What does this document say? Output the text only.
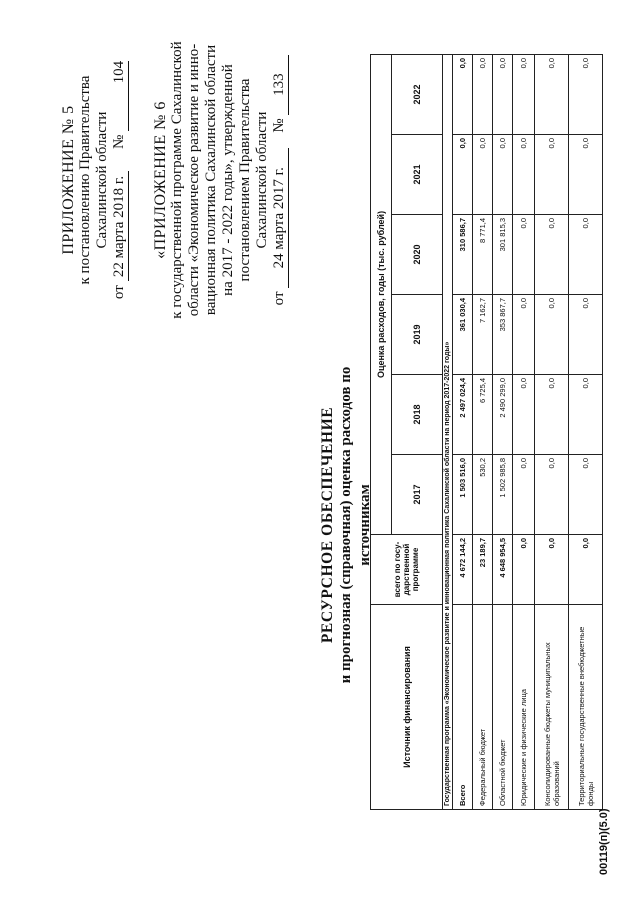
ПРИЛОЖЕНИЕ № 5 к постановлению Правительства Сахалинской области
от 22 марта 2018 г.      № 104
«ПРИЛОЖЕНИЕ № 6 к государственной программе Сахалинской области «Экономическое развитие и инно- вационная политика Сахалинской области на 2017 - 2022 годы», утвержденной постановлением Правительства Сахалинской области
от 24 марта 2017 г.    № 133
РЕСУРСНОЕ ОБЕСПЕЧЕНИЕ и прогнозная (справочная) оценка расходов по источникам
Источник финансирования	всего по госу-дарственной программе	Оценка расходов, годы (тыс. рублей)					
		2017	2018	2019	2020	2021	2022
Государственная программа «Экономическое развитие и инновационная политика Сахалинской области на период 2017-2022 годы»							
Всего	4 672 144,2	1 503 516,0	2 497 024,4	361 030,4	310 586,7	0,0	0,0
Федеральный бюджет	23 189,7	530,2	6 725,4	7 162,7	8 771,4	0,0	0,0
Областной бюджет	4 648 954,5	1 502 985,8	2 490 299,0	353 867,7	301 815,3	0,0	0,0
Юридические и физические лица	0,0	0,0	0,0	0,0	0,0	0,0	0,0
Консолидированные бюджеты муниципальных образований	0,0	0,0	0,0	0,0	0,0	0,0	0,0
Территориальные государственные внебюджетные фонды	0,0	0,0	0,0	0,0	0,0	0,0	0,0
00119(п)(5.0)
